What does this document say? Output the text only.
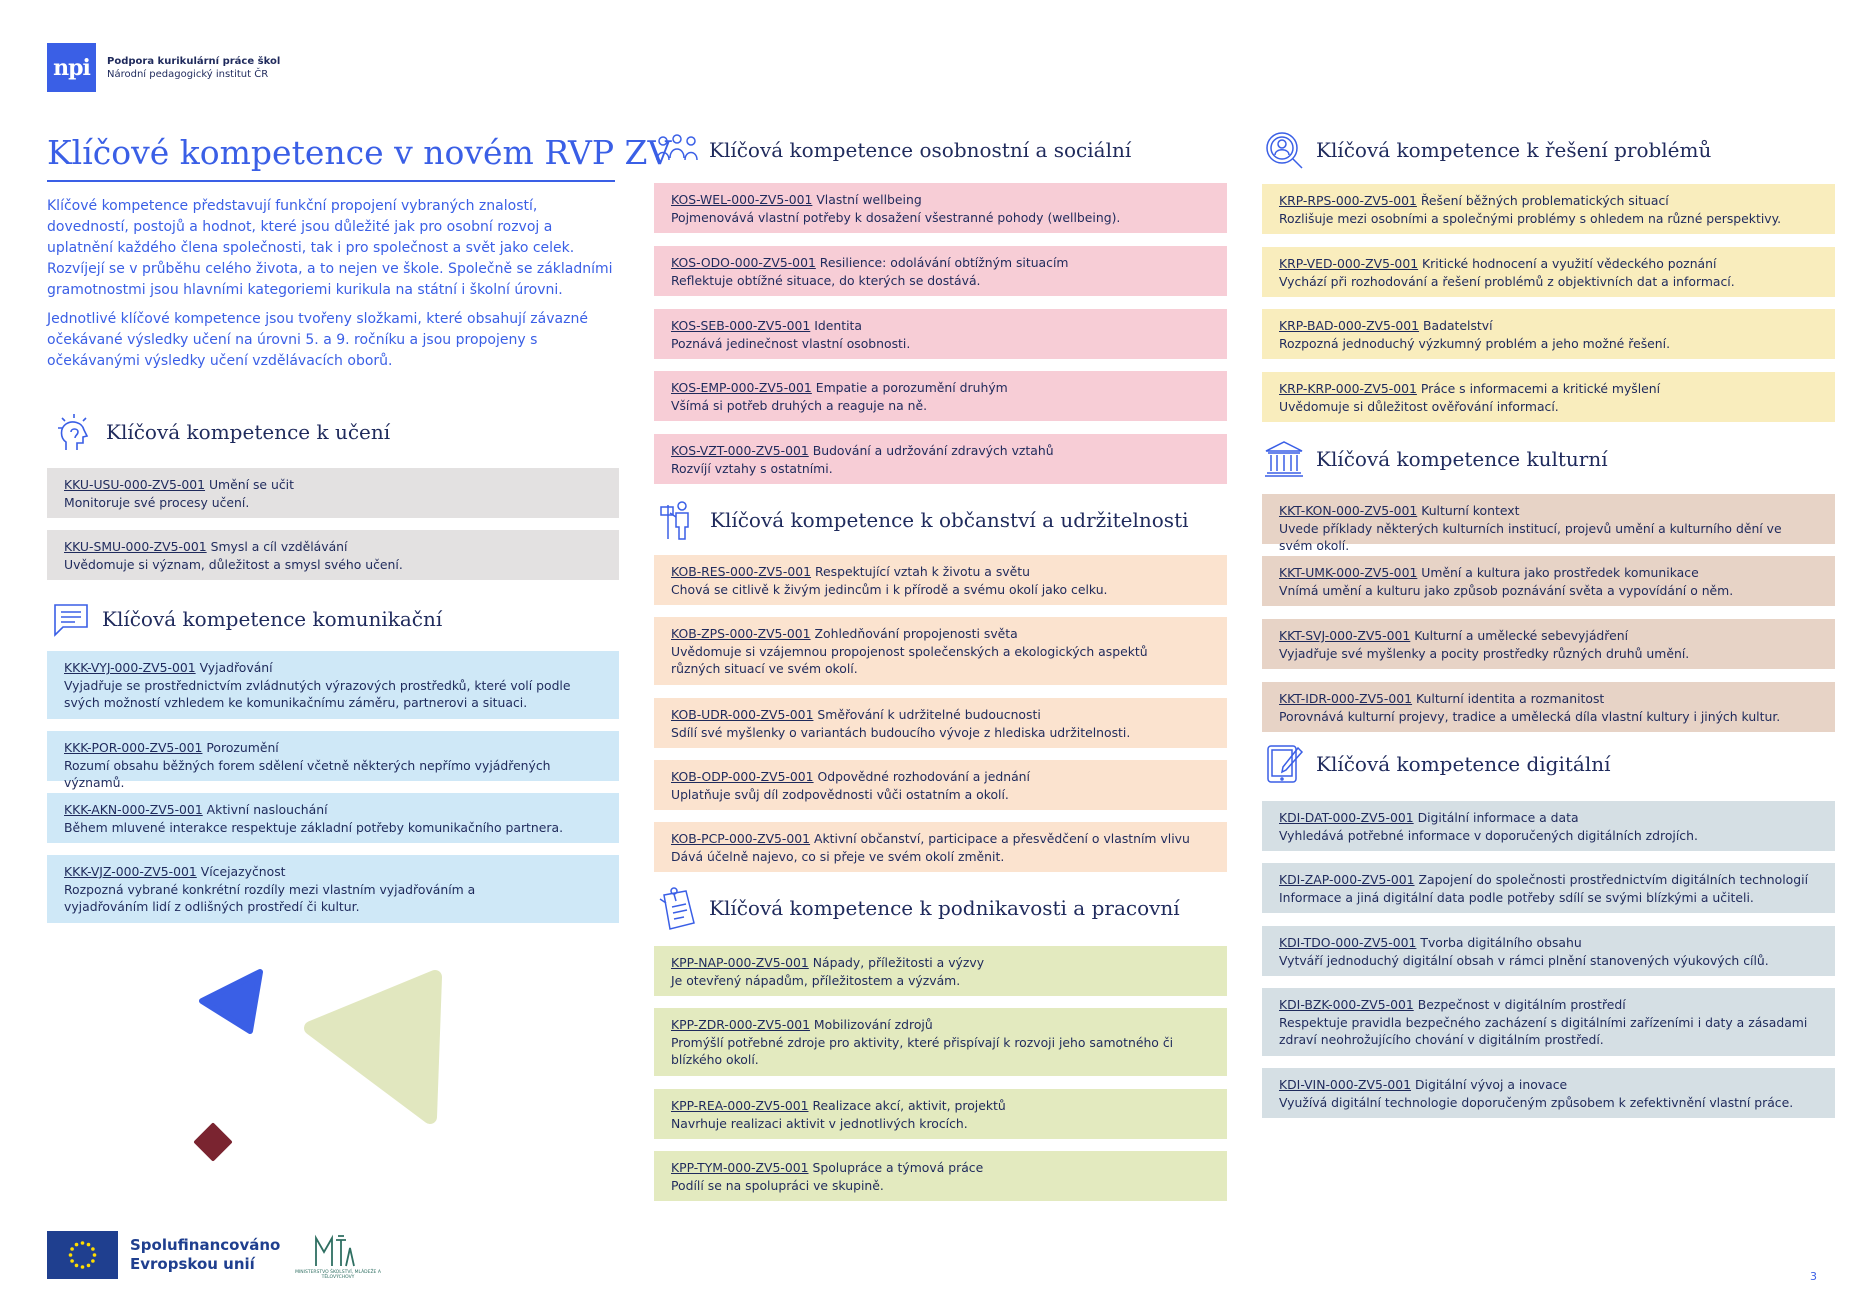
npi	Podpora kurikulární práce škol
Národní pedagogický institut ČR
Klíčové kompetence v novém RVP ZV

Klíčové kompetence představují funkční propojení vybraných znalostí, dovedností, postojů a hodnot, které jsou důležité jak pro osobní rozvoj a uplatnění každého člena společnosti, tak i pro společnost a svět jako celek. Rozvíjejí se v průběhu celého života, a to nejen ve škole. Společně se základními gramotnostmi jsou hlavními kategoriemi kurikula na státní i školní úrovni.

Jednotlivé klíčové kompetence jsou tvořeny složkami, které obsahují závazné očekávané výsledky učení na úrovni 5. a 9. ročníku a jsou propojeny s očekávanými výsledky učení vzdělávacích oborů.

Klíčová kompetence k učení
KKU-USU-000-ZV5-001 Umění se učit
Monitoruje své procesy učení.
KKU-SMU-000-ZV5-001 Smysl a cíl vzdělávání
Uvědomuje si význam, důležitost a smysl svého učení.
Klíčová kompetence komunikační
KKK-VYJ-000-ZV5-001 Vyjadřování
Vyjadřuje se prostřednictvím zvládnutých výrazových prostředků, které volí podle svých možností vzhledem ke komunikačnímu záměru, partnerovi a situaci.
KKK-POR-000-ZV5-001 Porozumění
Rozumí obsahu běžných forem sdělení včetně některých nepřímo vyjádřených významů.
KKK-AKN-000-ZV5-001 Aktivní naslouchání
Během mluvené interakce respektuje základní potřeby komunikačního partnera.
KKK-VJZ-000-ZV5-001 Vícejazyčnost
Rozpozná vybrané konkrétní rozdíly mezi vlastním vyjadřováním a vyjadřováním lidí z odlišných prostředí či kultur.
Klíčová kompetence osobnostní a sociální
KOS-WEL-000-ZV5-001 Vlastní wellbeing
Pojmenovává vlastní potřeby k dosažení všestranné pohody (wellbeing).
KOS-ODO-000-ZV5-001 Resilience: odolávání obtížným situacím
Reflektuje obtížné situace, do kterých se dostává.
KOS-SEB-000-ZV5-001 Identita
Poznává jedinečnost vlastní osobnosti.
KOS-EMP-000-ZV5-001 Empatie a porozumění druhým
Všímá si potřeb druhých a reaguje na ně.
KOS-VZT-000-ZV5-001 Budování a udržování zdravých vztahů
Rozvíjí vztahy s ostatními.
Klíčová kompetence k občanství a udržitelnosti
KOB-RES-000-ZV5-001 Respektující vztah k životu a světu
Chová se citlivě k živým jedincům i k přírodě a svému okolí jako celku.
KOB-ZPS-000-ZV5-001 Zohledňování propojenosti světa
Uvědomuje si vzájemnou propojenost společenských a ekologických aspektů různých situací ve svém okolí.
KOB-UDR-000-ZV5-001 Směřování k udržitelné budoucnosti
Sdílí své myšlenky o variantách budoucího vývoje z hlediska udržitelnosti.
KOB-ODP-000-ZV5-001 Odpovědné rozhodování a jednání
Uplatňuje svůj díl zodpovědnosti vůči ostatním a okolí.
KOB-PCP-000-ZV5-001 Aktivní občanství, participace a přesvědčení o vlastním vlivu
Dává účelně najevo, co si přeje ve svém okolí změnit.
Klíčová kompetence k podnikavosti a pracovní
KPP-NAP-000-ZV5-001 Nápady, příležitosti a výzvy
Je otevřený nápadům, příležitostem a výzvám.
KPP-ZDR-000-ZV5-001 Mobilizování zdrojů
Promýšlí potřebné zdroje pro aktivity, které přispívají k rozvoji jeho samotného či blízkého okolí.
KPP-REA-000-ZV5-001 Realizace akcí, aktivit, projektů
Navrhuje realizaci aktivit v jednotlivých krocích.
KPP-TYM-000-ZV5-001 Spolupráce a týmová práce
Podílí se na spolupráci ve skupině.
Klíčová kompetence k řešení problémů
KRP-RPS-000-ZV5-001 Řešení běžných problematických situací
Rozlišuje mezi osobními a společnými problémy s ohledem na různé perspektivy.
KRP-VED-000-ZV5-001 Kritické hodnocení a využití vědeckého poznání
Vychází při rozhodování a řešení problémů z objektivních dat a informací.
KRP-BAD-000-ZV5-001 Badatelství
Rozpozná jednoduchý výzkumný problém a jeho možné řešení.
KRP-KRP-000-ZV5-001 Práce s informacemi a kritické myšlení
Uvědomuje si důležitost ověřování informací.
Klíčová kompetence kulturní
KKT-KON-000-ZV5-001 Kulturní kontext
Uvede příklady některých kulturních institucí, projevů umění a kulturního dění ve svém okolí.
KKT-UMK-000-ZV5-001 Umění a kultura jako prostředek komunikace
Vnímá umění a kulturu jako způsob poznávání světa a vypovídání o něm.
KKT-SVJ-000-ZV5-001 Kulturní a umělecké sebevyjádření
Vyjadřuje své myšlenky a pocity prostředky různých druhů umění.
KKT-IDR-000-ZV5-001 Kulturní identita a rozmanitost
Porovnává kulturní projevy, tradice a umělecká díla vlastní kultury i jiných kultur.
Klíčová kompetence digitální
KDI-DAT-000-ZV5-001 Digitální informace a data
Vyhledává potřebné informace v doporučených digitálních zdrojích.
KDI-ZAP-000-ZV5-001 Zapojení do společnosti prostřednictvím digitálních technologií
Informace a jiná digitální data podle potřeby sdílí se svými blízkými a učiteli.
KDI-TDO-000-ZV5-001 Tvorba digitálního obsahu
Vytváří jednoduchý digitální obsah v rámci plnění stanovených výukových cílů.
KDI-BZK-000-ZV5-001 Bezpečnost v digitálním prostředí
Respektuje pravidla bezpečného zacházení s digitálními zařízeními i daty a zásadami zdraví neohrožujícího chování v digitálním prostředí.
KDI-VIN-000-ZV5-001 Digitální vývoj a inovace
Využívá digitální technologie doporučeným způsobem k zefektivnění vlastní práce.
Spolufinancováno
Evropskou unií	MINISTERSTVO ŠKOLSTVÍ, MLÁDEŽE A TĚLOVÝCHOVY	3
